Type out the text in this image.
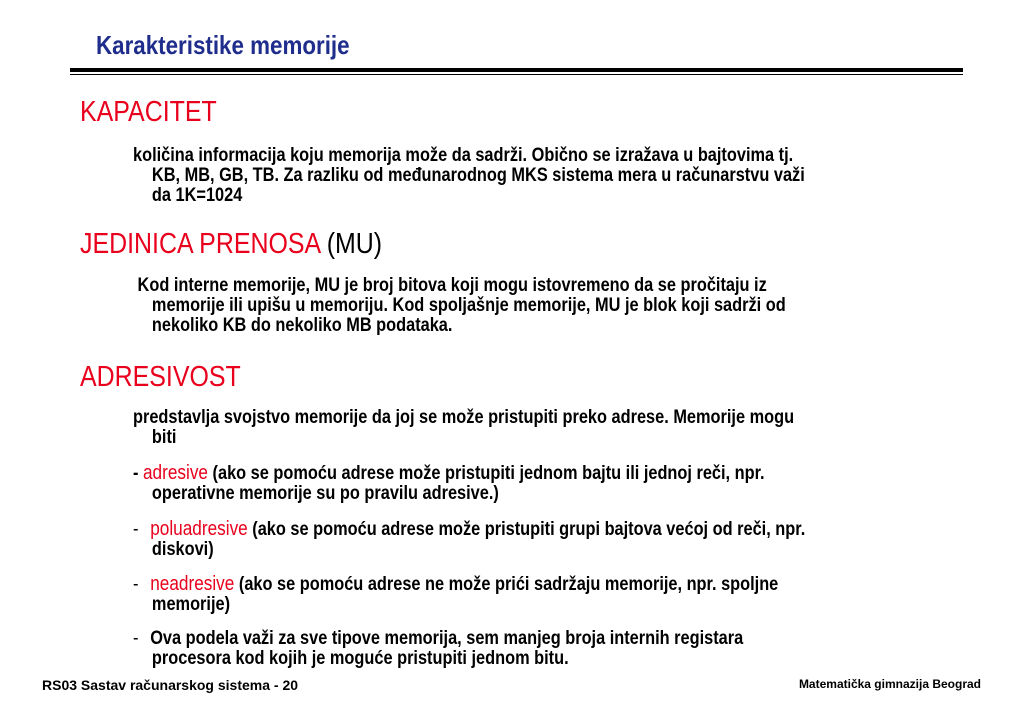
Karakteristike memorije
KAPACITET
količina informacija koju memorija može da sadrži. Obično se izražava u bajtovima tj.
KB, MB, GB, TB. Za razliku od međunarodnog MKS sistema mera u računarstvu važi
da 1K=1024
JEDINICA PRENOSA (MU)
Kod interne memorije, MU je broj bitova koji mogu istovremeno da se pročitaju iz
memorije ili upišu u memoriju. Kod spoljašnje memorije, MU je blok koji sadrži od
nekoliko KB do nekoliko MB podataka.
ADRESIVOST
predstavlja svojstvo memorije da joj se može pristupiti preko adrese. Memorije mogu
biti
- adresive (ako se pomoću adrese može pristupiti jednom bajtu ili jednoj reči, npr.
operativne memorije su po pravilu adresive.)
- poluadresive (ako se pomoću adrese može pristupiti grupi bajtova većoj od reči, npr.
diskovi)
- neadresive (ako se pomoću adrese ne može prići sadržaju memorije, npr. spoljne
memorije)
- Ova podela važi za sve tipove memorija, sem manjeg broja internih registara
procesora kod kojih je moguće pristupiti jednom bitu.
RS03 Sastav računarskog sistema - 20	Matematička gimnazija Beograd
